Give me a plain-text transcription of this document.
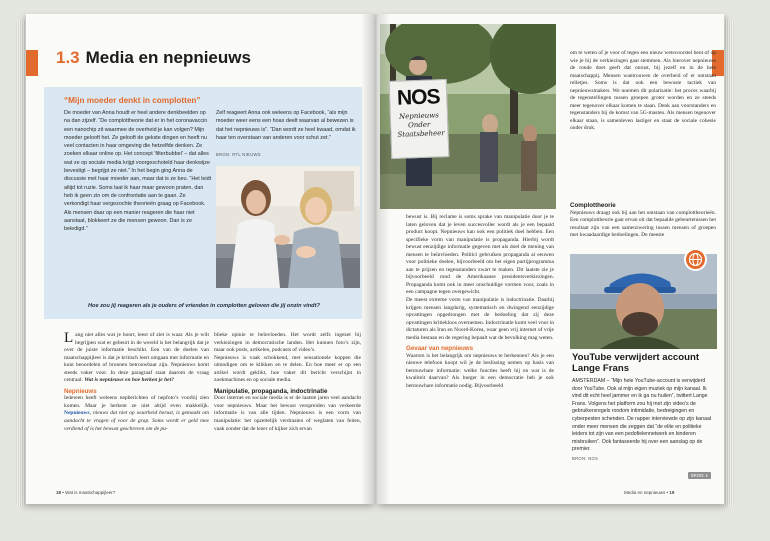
1.3 Media en nepnieuws
“Mijn moeder denkt in complotten”
De moeder van Anna houdt er heel andere denkbeelden op na dan zijzelf. “De complottheorie dat er in het coronavaccin een nanochip zit waarmee de overheid je kan volgen? Mijn moeder gelooft het. Ze gelooft de gekste dingen en heeft nu veel contacten in haar omgeving die hetzelfde denken. Ze zoeken elkaar online op. Het concept ‘filterbubbel’ – dat alles wat ze op sociale media krijgt voorgeschoteld haar denkwijze bevestigt – begrijpt ze niet.” In het begin ging Anna de discussie met haar moeder aan, maar dat is ze beu. “Het leidt altijd tot ruzie. Soms laat ik haar maar gewoon praten, dan heb ik geen zin om de confrontatie aan te gaan. Ze verkondigt haar vergezochte theorieën graag op Facebook. Als mensen daar op een manier reageren die haar niet aanstaat, blokkeert ze die mensen gewoon. Dan is ze beledigd.”
Zelf reageert Anna ook weleens op Facebook, “als mijn moeder weer eens een hoax deelt waarvan al bewezen is dat het nepnieuws is”. “Dan wordt ze heel kwaad, omdat ik haar ten overstaan van anderen voor schut zet.”
BRON: RTL NIEUWS
Hoe zou jij reageren als je ouders of vrienden in complotten geloven die jij onzin vindt?
Lang niet alles wat je hoort, leest of ziet is waar. Als je wilt begrijpen wat er gebeurt in de wereld is het belangrijk dat je over de juiste informatie beschikt. Een van de doelen van maatschappijleer is dat je kritisch leert omgaan met informatie en kunt beoordelen of bronnen betrouwbaar zijn. Nepnieuws komt steeds vaker voor. In deze paragraaf staat daarom de vraag centraal: Wat is nepnieuws en hoe herken je het?
Nepnieuws
Iedereen heeft weleens nepberichten of nepfoto’s voorbij zien komen. Maar je herkent ze niet altijd even makkelijk. Nepnieuws, nieuws dat niet op waarheid berust, is gemaakt om aandacht te vragen of voor de grap. Soms wordt er geld mee verdiend of is het bewust geschreven om de pu-
blieke opinie te beïnvloeden. Het wordt zelfs ingezet bij verkiezingen in democratische landen. Het kunnen foto’s zijn, maar ook posts, artikelen, podcasts of video’s.
Nepnieuws is vaak schokkend, met sensationele koppen die uitnodigen om te klikken en te delen. En hoe meer er op een artikel wordt geklikt, hoe vaker dit bericht verschijnt in zoekmachines en op sociale media.
Manipulatie, propaganda, indoctrinatie
Door internet en sociale media is er de laatste jaren veel aandacht voor nepnieuws. Maar het bewust verspreiden van verkeerde informatie is van alle tijden. Nepnieuws is een vorm van manipulatie: het opzettelijk verdraaien of weglaten van feiten, vaak zonder dat de lezer of kijker zich ervan
18 • Wat is maatschappijleer?
NOS
Nepnieuws Onder Staatsbeheer
om te weten of je voor of tegen een nieuw wetsvoorstel bent of op wie je bij de verkiezingen gaat stemmen. Als hierover nepnieuws de ronde doet geeft dat onrust, bij jezelf en in de hele maatschappij. Mensen wantrouwen de overheid of er ontstaan relletjes. Soms is dat ook een bewuste tactiek van nepnieuwsmakers. We noemen dit polarisatie: het proces waarbij de tegenstellingen tussen groepen groter worden en ze steeds meer tegenover elkaar komen te staan. Denk aan voorstanders en tegenstanders bij de komst van 5G-masten. Als mensen tegenover elkaar staan, is samenleven lastiger en staat de sociale cohesie onder druk.
bewust is. Bij reclame is soms sprake van manipulatie door je te laten geloven dat je leven succesvoller wordt als je een bepaald product koopt. Nepnieuws kan ook een politiek doel hebben. Een specifieke vorm van manipulatie is propaganda. Hierbij wordt bewust eenzijdige informatie gegeven met als doel de mening van mensen te beïnvloeden. Politici gebruiken propaganda al eeuwen voor politieke doelen, bijvoorbeeld om het eigen partijprogramma aan te prijzen en tegenstanders zwart te maken. Dit laatste zie je bijvoorbeeld rond de Amerikaanse presidentsverkiezingen. Propaganda komt ook in meer onschuldige vormen voor, zoals in een campagne tegen overgewicht.
De meest extreme vorm van manipulatie is indoctrinatie. Daarbij krijgen mensen langdurig, systematisch en dwingend eenzijdige opvattingen opgedrongen met de bedoeling dat zij deze opvattingen kritiekloos overnemen. Indoctrinatie komt veel voor in dictaturen als Iran en Noord-Korea, waar geen vrij internet of vrije media bestaan en de regering bepaalt wat de bevolking mag weten.
Gevaar van nepnieuws
Waarom is het belangrijk om nepnieuws te herkennen? Als je een nieuwe telefoon koopt wil je de beslissing nemen op basis van betrouwbare informatie: welke functies heeft hij en wat is de kwaliteit daarvan? Als burger in een democratie heb je ook betrouwbare informatie nodig. Bijvoorbeeld
Complottheorie
Nepnieuws draagt ook bij aan het ontstaan van complottheorieën. Een complottheorie gaat ervan uit dat bepaalde gebeurtenissen het resultaat zijn van een samenzwering tussen mensen of groepen met kwaadaardige bedoelingen. De meeste
YouTube verwijdert account Lange Frans
AMSTERDAM – “Mijn hele YouTube-account is verwijderd door YouTube. Ook al mijn eigen muziek op mijn kanaal. Ik vind dit echt heel jammer en ik ga nu huilen”, twittert Lange Frans. Volgens het platform zou hij met zijn video’s de gebruikersregels rondom intimidatie, bedreigingen en cyberpesten schenden. De rapper interviewde op zijn kanaal onder meer mensen die zeggen dat “de elite en politieke leiders tot zijn van een pedofielennetwerk en kinderen misbruiken”. Ook fantaseerde hij over een aanslag op de premier.
BRON: NOS
BRON: 4
Media en nepnieuws • 19
